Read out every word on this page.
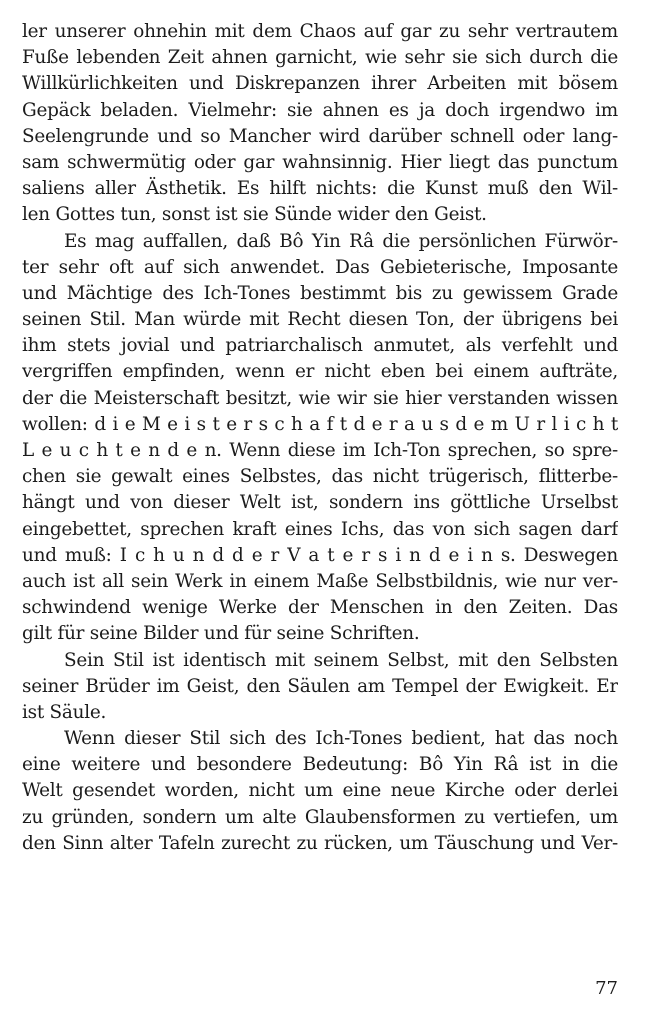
ler unserer ohnehin mit dem Chaos auf gar zu sehr vertrautem
Fuße lebenden Zeit ahnen garnicht, wie sehr sie sich durch die
Willkürlichkeiten und Diskrepanzen ihrer Arbeiten mit bösem
Gepäck beladen. Vielmehr: sie ahnen es ja doch irgendwo im
Seelengrunde und so Mancher wird darüber schnell oder lang-
sam schwermütig oder gar wahnsinnig. Hier liegt das punctum
saliens aller Ästhetik. Es hilft nichts: die Kunst muß den Wil-
len Gottes tun, sonst ist sie Sünde wider den Geist.
Es mag auffallen, daß Bô Yin Râ die persönlichen Fürwör-
ter sehr oft auf sich anwendet. Das Gebieterische, Imposante
und Mächtige des Ich-Tones bestimmt bis zu gewissem Grade
seinen Stil. Man würde mit Recht diesen Ton, der übrigens bei
ihm stets jovial und patriarchalisch anmutet, als verfehlt und
vergriffen empfinden, wenn er nicht eben bei einem aufträte,
der die Meisterschaft besitzt, wie wir sie hier verstanden wissen
wollen: d i e M e i s t e r s c h a f t d e r a u s d e m U r l i c h t
L e u c h t e n d e n. Wenn diese im Ich-Ton sprechen, so spre-
chen sie gewalt eines Selbstes, das nicht trügerisch, flitterbe-
hängt und von dieser Welt ist, sondern ins göttliche Urselbst
eingebettet, sprechen kraft eines Ichs, das von sich sagen darf
und muß: I c h u n d d e r V a t e r s i n d e i n s. Deswegen
auch ist all sein Werk in einem Maße Selbstbildnis, wie nur ver-
schwindend wenige Werke der Menschen in den Zeiten. Das
gilt für seine Bilder und für seine Schriften.
Sein Stil ist identisch mit seinem Selbst, mit den Selbsten
seiner Brüder im Geist, den Säulen am Tempel der Ewigkeit. Er
ist Säule.
Wenn dieser Stil sich des Ich-Tones bedient, hat das noch
eine weitere und besondere Bedeutung: Bô Yin Râ ist in die
Welt gesendet worden, nicht um eine neue Kirche oder derlei
zu gründen, sondern um alte Glaubensformen zu vertiefen, um
den Sinn alter Tafeln zurecht zu rücken, um Täuschung und Ver-
77
